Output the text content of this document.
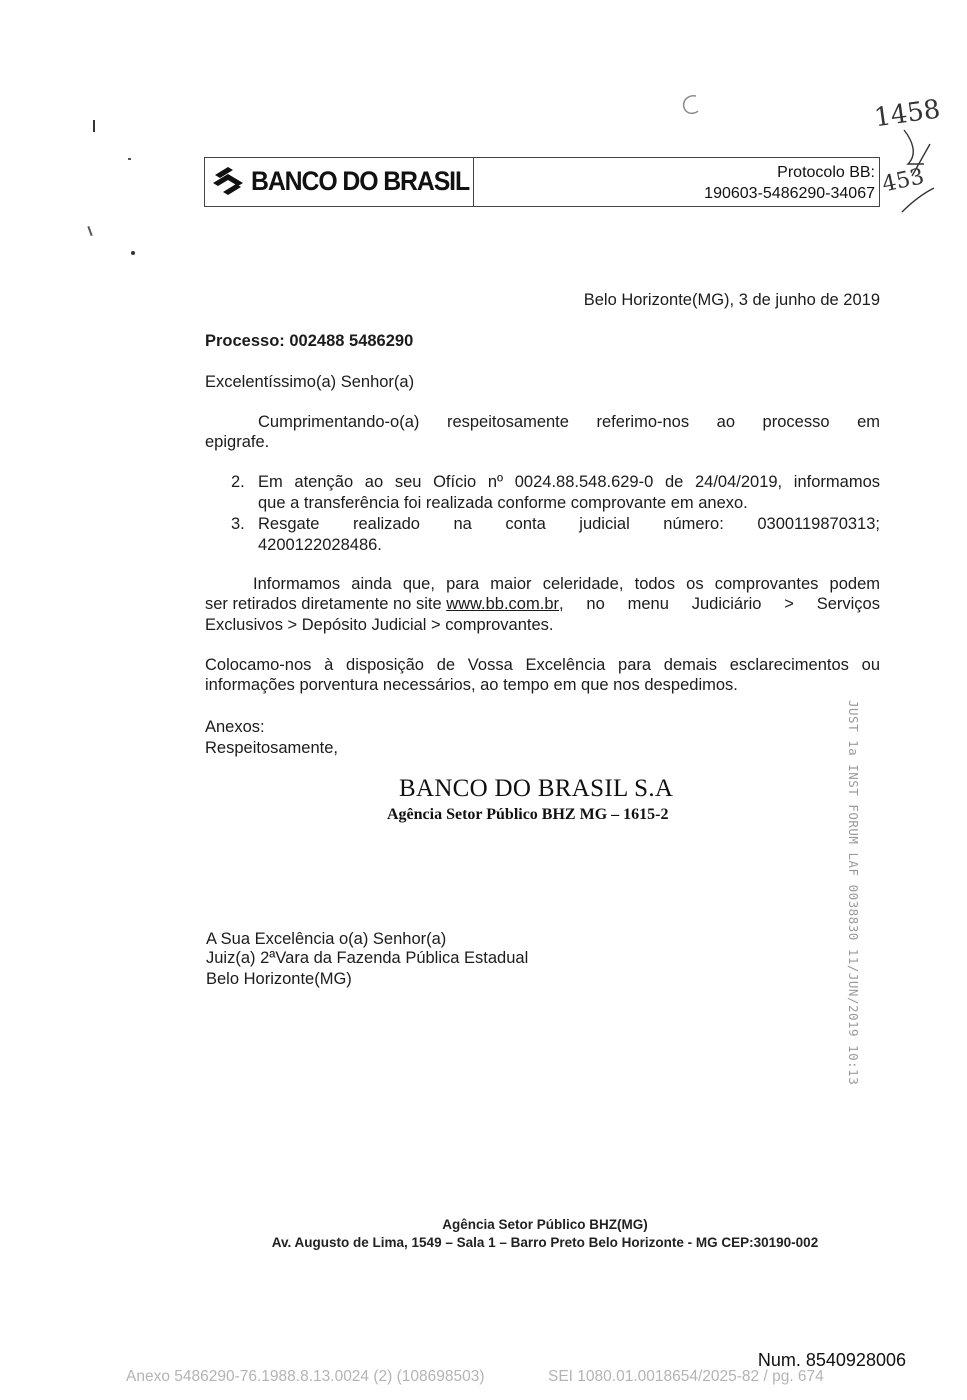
1458
453
BANCO DO BRASIL	Protocolo BB:
190603-5486290-34067
Belo Horizonte(MG), 3 de junho de 2019
Processo: 002488 5486290
Excelentíssimo(a) Senhor(a)
Cumprimentando-o(a) respeitosamente referimo-nos ao processo em
epigrafe.
2. Em atenção ao seu Ofício nº 0024.88.548.629-0 de 24/04/2019, informamos
que a transferência foi realizada conforme comprovante em anexo.
3. Resgate realizado na conta judicial número: 0300119870313;
4200122028486.
Informamos ainda que, para maior celeridade, todos os comprovantes podem
ser retirados diretamente no site www.bb.com.br , no menu Judiciário > Serviços
Exclusivos > Depósito Judicial > comprovantes.
Colocamo-nos à disposição de Vossa Excelência para demais esclarecimentos ou
informações porventura necessários, ao tempo em que nos despedimos.
Anexos:
Respeitosamente,
BANCO DO BRASIL S.A
Agência Setor Público BHZ MG – 1615-2	JUST 1a INST FORUM LAF 0038830 11/JUN/2019 10:13
A Sua Excelência o(a) Senhor(a)
Juiz(a) 2ªVara da Fazenda Pública Estadual
Belo Horizonte(MG)
Agência Setor Público BHZ(MG)
Av. Augusto de Lima, 1549 – Sala 1 – Barro Preto Belo Horizonte - MG CEP:30190-002
Num. 8540928006
Anexo 5486290-76.1988.8.13.0024 (2) (108698503)	SEI 1080.01.0018654/2025-82 / pg. 674
